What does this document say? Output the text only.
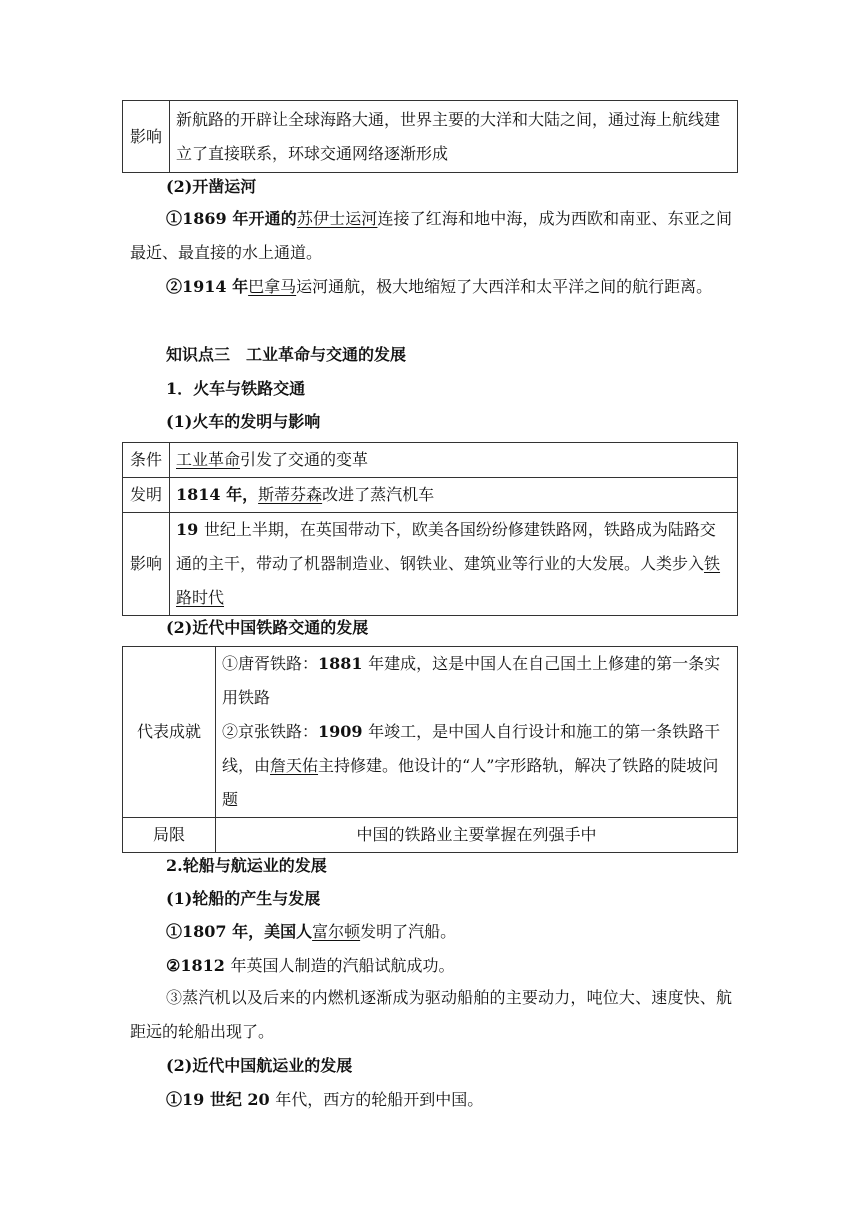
影响	新航路的开辟让全球海路大通，世界主要的大洋和大陆之间，通过海上航线建立了直接联系，环球交通网络逐渐形成
(2)开凿运河
①1869 年开通的苏伊士运河连接了红海和地中海，成为西欧和南亚、东亚之间最近、最直接的水上通道。
②1914 年巴拿马运河通航，极大地缩短了大西洋和太平洋之间的航行距离。
知识点三　工业革命与交通的发展
1．火车与铁路交通
(1)火车的发明与影响
条件	工业革命引发了交通的变革
发明	1814 年，斯蒂芬森改进了蒸汽机车
影响	19 世纪上半期，在英国带动下，欧美各国纷纷修建铁路网，铁路成为陆路交通的主干，带动了机器制造业、钢铁业、建筑业等行业的大发展。人类步入铁路时代
(2)近代中国铁路交通的发展
代表成就	①唐胥铁路：1881 年建成，这是中国人在自己国土上修建的第一条实用铁路
②京张铁路：1909 年竣工，是中国人自行设计和施工的第一条铁路干线，由詹天佑主持修建。他设计的“人”字形路轨，解决了铁路的陡坡问题
局限	中国的铁路业主要掌握在列强手中
2.轮船与航运业的发展
(1)轮船的产生与发展
①1807 年，美国人富尔顿发明了汽船。
②1812 年英国人制造的汽船试航成功。
③蒸汽机以及后来的内燃机逐渐成为驱动船舶的主要动力，吨位大、速度快、航距远的轮船出现了。
(2)近代中国航运业的发展
①19 世纪 20 年代，西方的轮船开到中国。
